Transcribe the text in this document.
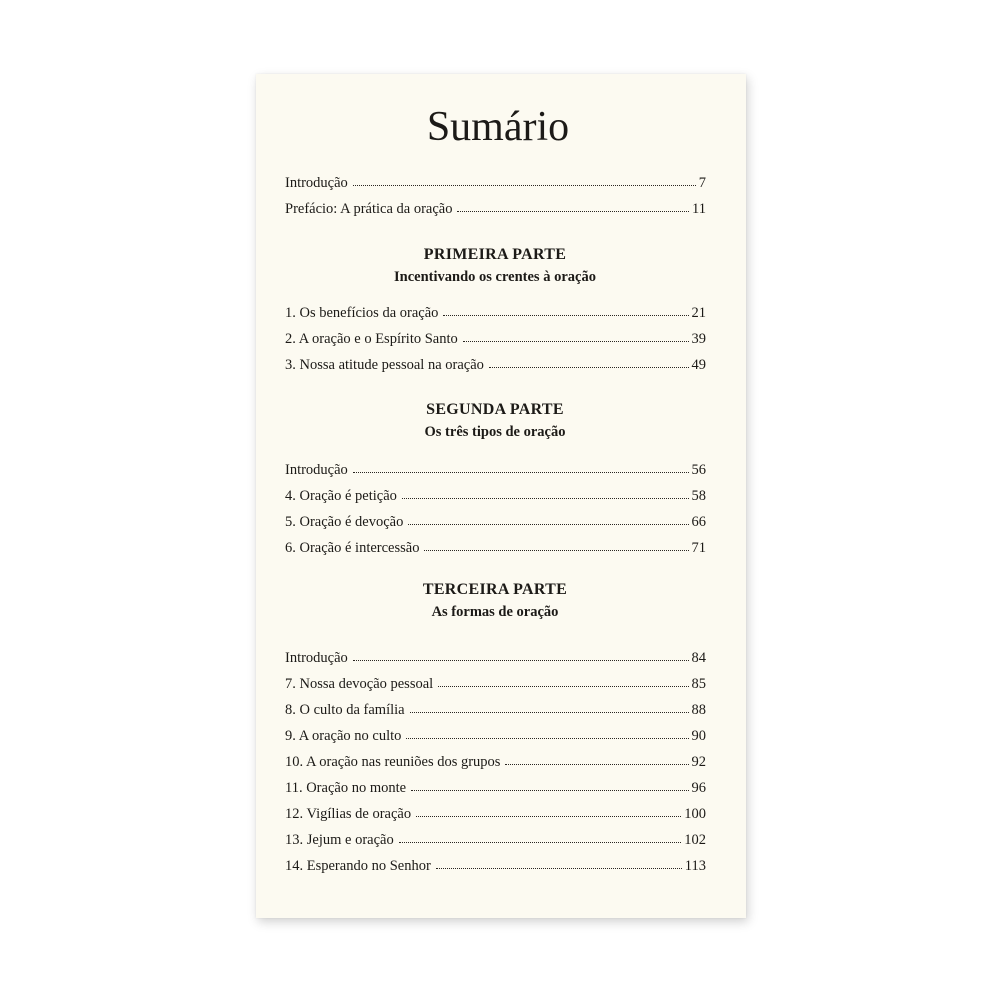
Sumário
Introdução	7
Prefácio: A prática da oração	11
PRIMEIRA PARTE
Incentivando os crentes à oração
1. Os benefícios da oração	21
2. A oração e o Espírito Santo	39
3. Nossa atitude pessoal na oração	49
SEGUNDA PARTE
Os três tipos de oração
Introdução	56
4. Oração é petição	58
5. Oração é devoção	66
6. Oração é intercessão	71
TERCEIRA PARTE
As formas de oração
Introdução	84
7. Nossa devoção pessoal	85
8. O culto da família	88
9. A oração no culto	90
10. A oração nas reuniões dos grupos	92
11. Oração no monte	96
12. Vigílias de oração	100
13. Jejum e oração	102
14. Esperando no Senhor	113
